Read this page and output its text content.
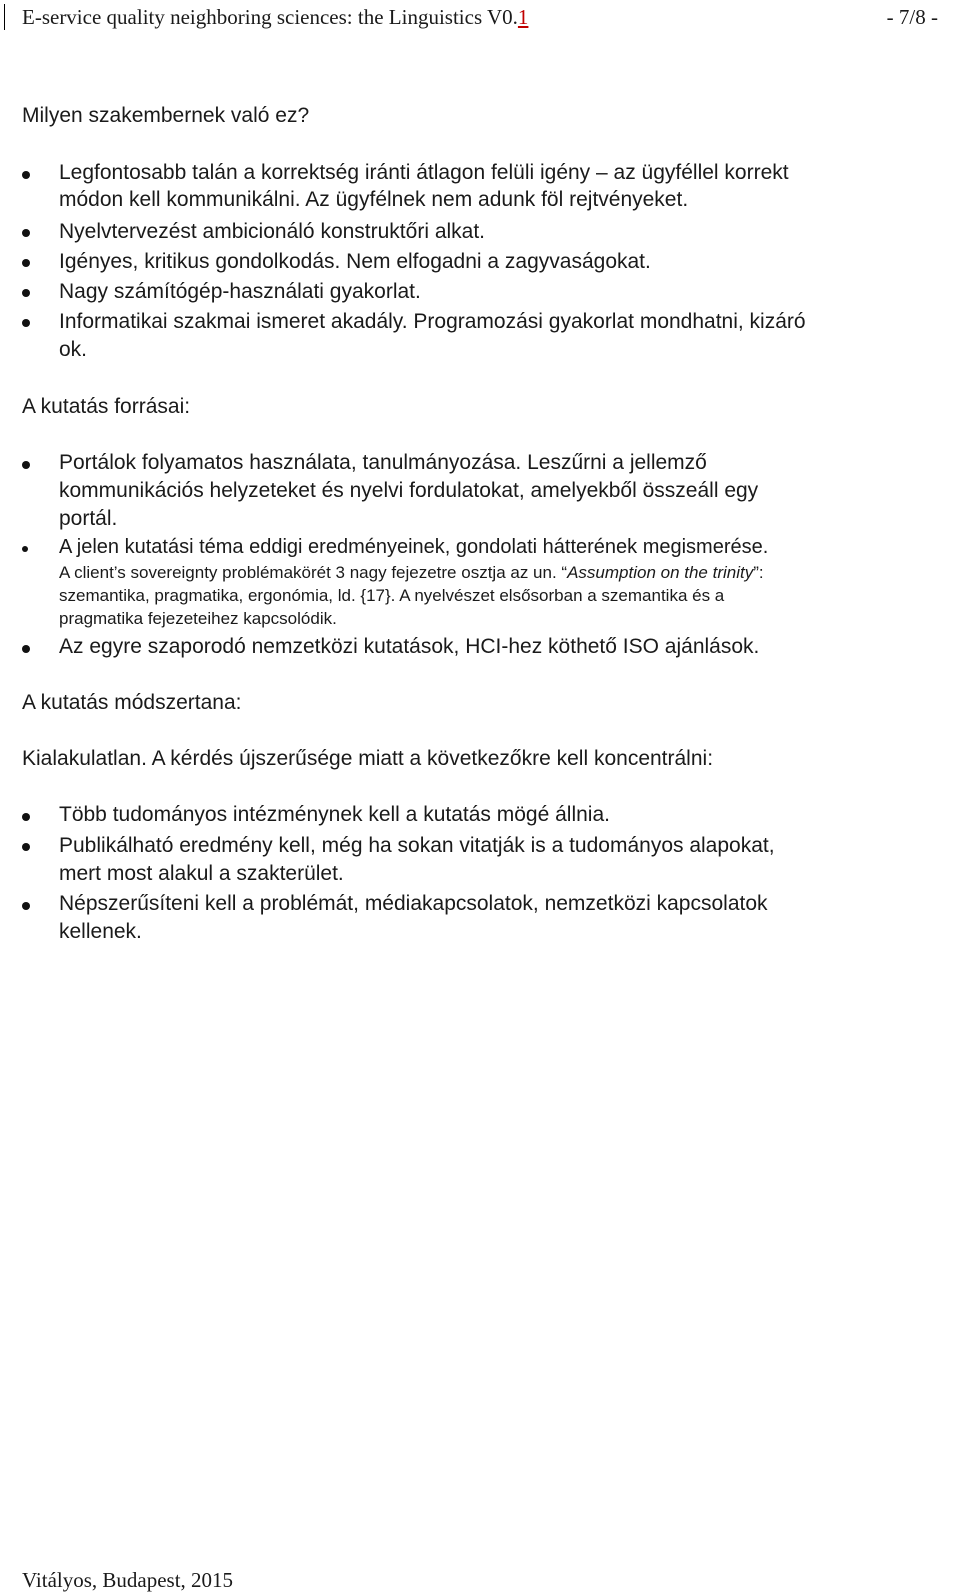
E-service quality neighboring sciences: the Linguistics V0.1	- 7/8 -
Milyen szakembernek való ez?
Legfontosabb talán a korrektség iránti átlagon felüli igény – az ügyféllel korrekt
módon kell kommunikálni. Az ügyfélnek nem adunk föl rejtvényeket.
Nyelvtervezést ambicionáló konstruktőri alkat.
Igényes, kritikus gondolkodás. Nem elfogadni a zagyvaságokat.
Nagy számítógép-használati gyakorlat.
Informatikai szakmai ismeret akadály. Programozási gyakorlat mondhatni, kizáró
ok.
A kutatás forrásai:
Portálok folyamatos használata, tanulmányozása. Leszűrni a jellemző
kommunikációs helyzeteket és nyelvi fordulatokat, amelyekből összeáll egy
portál.
A jelen kutatási téma eddigi eredményeinek, gondolati hátterének megismerése.
A client’s sovereignty problémakörét 3 nagy fejezetre osztja az un. “Assumption on the trinity”:
szemantika, pragmatika, ergonómia, ld. {17}. A nyelvészet elsősorban a szemantika és a
pragmatika fejezeteihez kapcsolódik.
Az egyre szaporodó nemzetközi kutatások, HCI-hez köthető ISO ajánlások.
A kutatás módszertana:
Kialakulatlan. A kérdés újszerűsége miatt a következőkre kell koncentrálni:
Több tudományos intézménynek kell a kutatás mögé állnia.
Publikálható eredmény kell, még ha sokan vitatják is a tudományos alapokat,
mert most alakul a szakterület.
Népszerűsíteni kell a problémát, médiakapcsolatok, nemzetközi kapcsolatok
kellenek.
Vitályos, Budapest, 2015
